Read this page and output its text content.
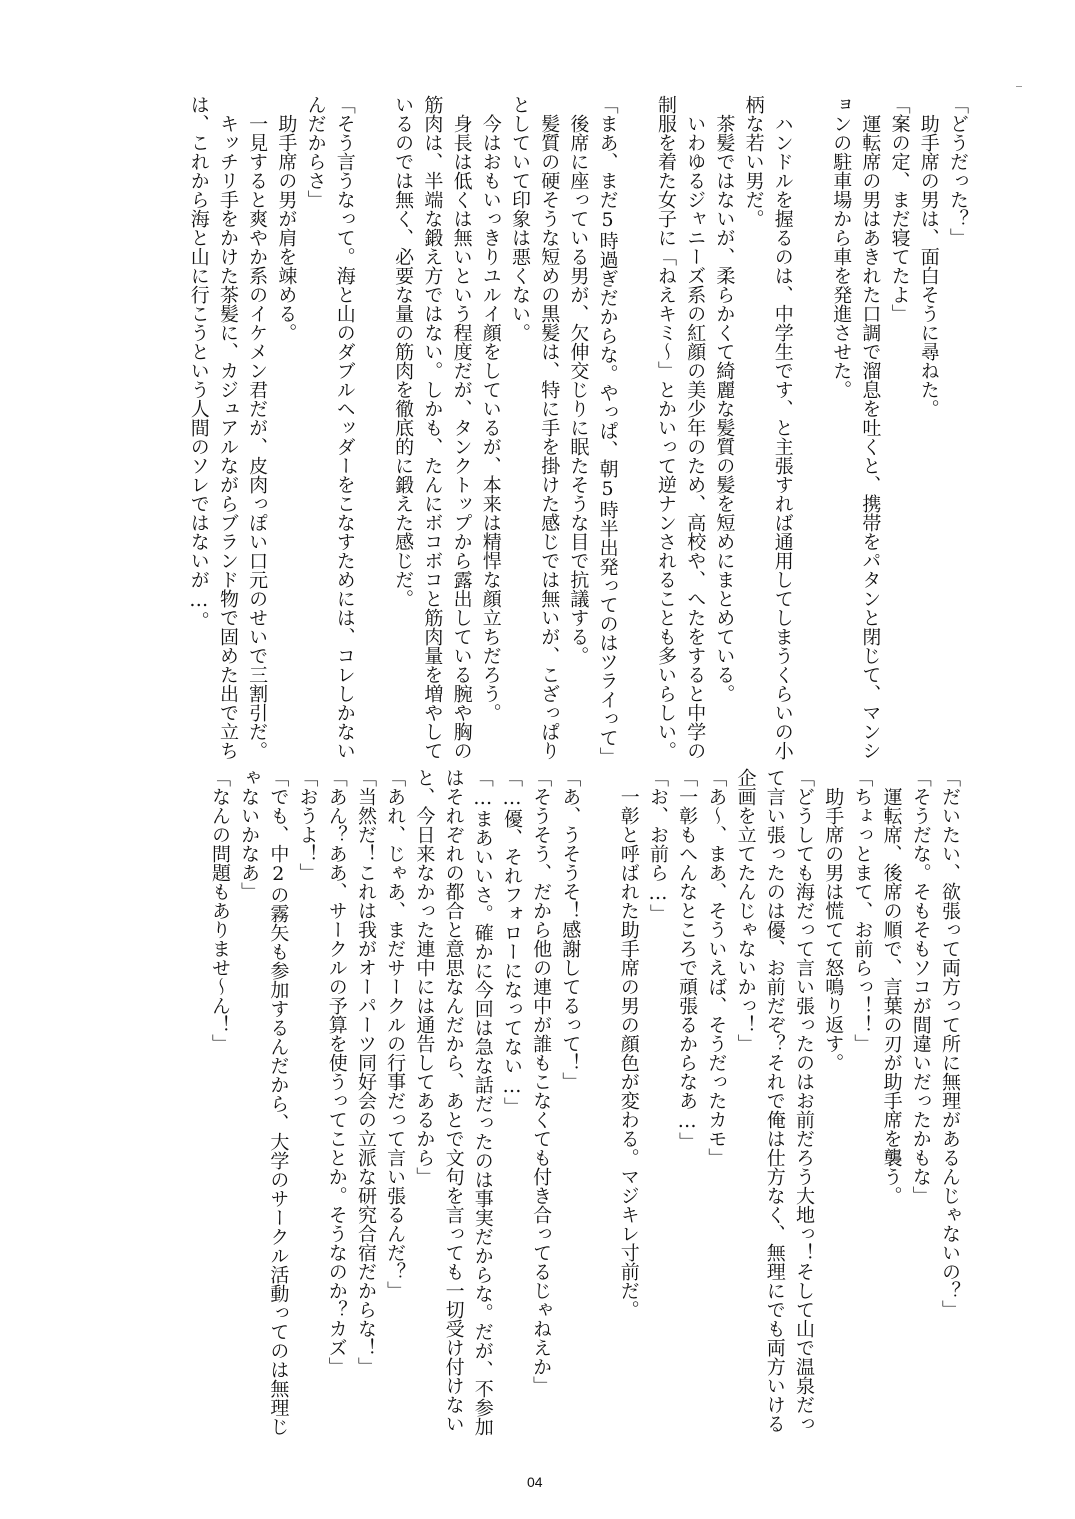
「どうだった？」
　助手席の男は、面白そうに尋ねた。
「案の定、まだ寝てたよ」
　運転席の男はあきれた口調で溜息を吐くと、携帯をパタンと閉じて、マンシ
ョンの駐車場から車を発進させた。
　ハンドルを握るのは、中学生です、と主張すれば通用してしまうくらいの小
柄な若い男だ。
　茶髪ではないが、柔らかくて綺麗な髪質の髪を短めにまとめている。
　いわゆるジャニーズ系の紅顔の美少年のため、高校や、へたをすると中学の
制服を着た女子に「ねえキミ〜」とかいって逆ナンされることも多いらしい。
「まあ、まだ5時過ぎだからな。やっぱ、朝5時半出発ってのはツライって」
　後席に座っている男が、欠伸交じりに眠たそうな目で抗議する。
　髪質の硬そうな短めの黒髪は、特に手を掛けた感じでは無いが、こざっぱり
としていて印象は悪くない。
　今はおもいっきりユルイ顔をしているが、本来は精悍な顔立ちだろう。
　身長は低くは無いという程度だが、タンクトップから露出している腕や胸の
筋肉は、半端な鍛え方ではない。しかも、たんにボコボコと筋肉量を増やして
いるのでは無く、必要な量の筋肉を徹底的に鍛えた感じだ。
「そう言うなって。海と山のダブルヘッダーをこなすためには、コレしかない
んだからさ」
　助手席の男が肩を竦める。
　一見すると爽やか系のイケメン君だが、皮肉っぽい口元のせいで三割引だ。
　キッチリ手をかけた茶髪に、カジュアルながらブランド物で固めた出で立ち
は、これから海と山に行こうという人間のソレではないが…。
「だいたい、欲張って両方って所に無理があるんじゃないの？」
「そうだな。そもそもソコが間違いだったかもな」
　運転席、後席の順で、言葉の刃が助手席を襲う。
「ちょっとまて、お前らっ！！」
　助手席の男は慌てて怒鳴り返す。
「どうしても海だって言い張ったのはお前だろう大地っ！そして山で温泉だっ
て言い張ったのは優、お前だぞ？それで俺は仕方なく、無理にでも両方いける
企画を立てたんじゃないかっ！」
「あ〜、まあ、そういえば、そうだったカモ」
「一彰もへんなところで頑張るからなあ…」
「お、お前ら…」
　一彰と呼ばれた助手席の男の顔色が変わる。マジキレ寸前だ。
「あ、うそうそ！感謝してるって！」
「そうそう、だから他の連中が誰もこなくても付き合ってるじゃねえか」
「…優、それフォローになってない…」
「…まあいいさ。確かに今回は急な話だったのは事実だからな。だが、不参加
はそれぞれの都合と意思なんだから、あとで文句を言っても一切受け付けない
と、今日来なかった連中には通告してあるから」
「あれ、じゃあ、まだサークルの行事だって言い張るんだ？」
「当然だ！これは我がオーパーツ同好会の立派な研究合宿だからな！」
「あん？ああ、サークルの予算を使うってことか。そうなのか？カズ」
「おうよ！」
「でも、中2の霧矢も参加するんだから、大学のサークル活動ってのは無理じ
ゃないかなあ」
「なんの問題もありませ〜ん！」
04
